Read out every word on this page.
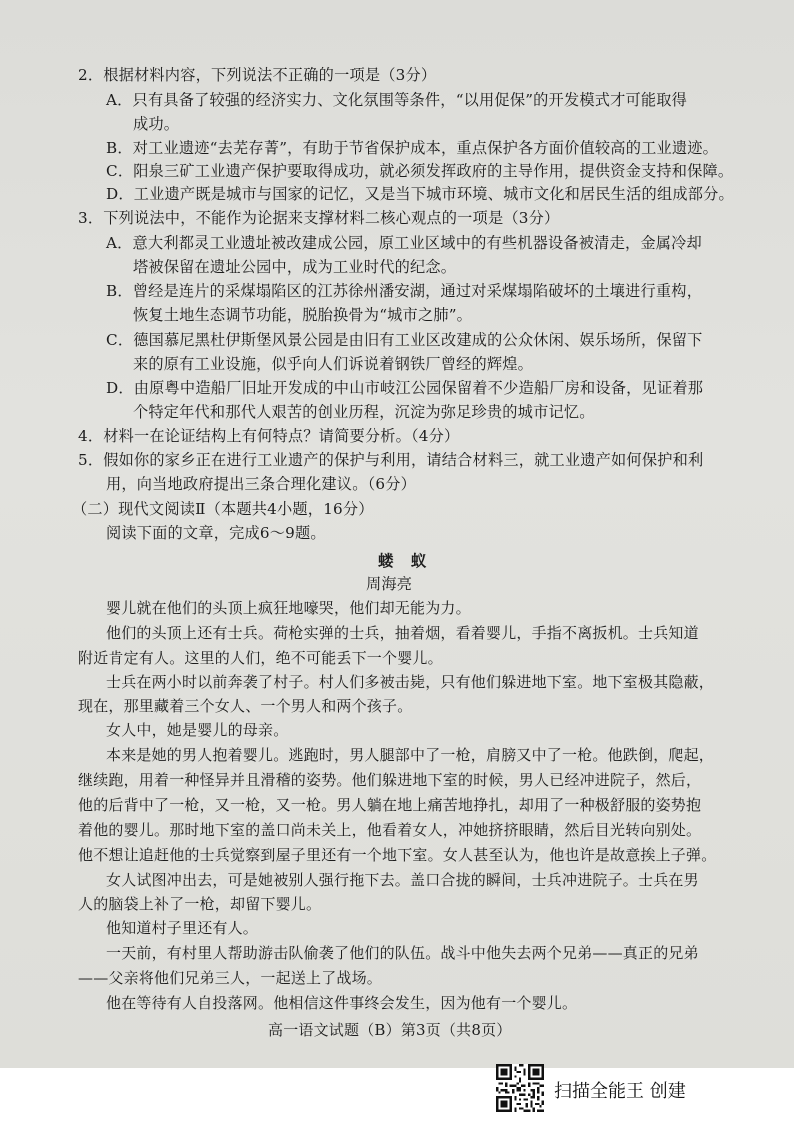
2．根据材料内容，下列说法不正确的一项是（3分）
A．只有具备了较强的经济实力、文化氛围等条件，“以用促保”的开发模式才可能取得
成功。
B．对工业遗迹“去芜存菁”，有助于节省保护成本，重点保护各方面价值较高的工业遗迹。
C．阳泉三矿工业遗产保护要取得成功，就必须发挥政府的主导作用，提供资金支持和保障。
D．工业遗产既是城市与国家的记忆，又是当下城市环境、城市文化和居民生活的组成部分。
3．下列说法中，不能作为论据来支撑材料二核心观点的一项是（3分）
A．意大利都灵工业遗址被改建成公园，原工业区域中的有些机器设备被清走，金属冷却
塔被保留在遗址公园中，成为工业时代的纪念。
B．曾经是连片的采煤塌陷区的江苏徐州潘安湖，通过对采煤塌陷破坏的土壤进行重构，
恢复土地生态调节功能，脱胎换骨为“城市之肺”。
C．德国慕尼黑杜伊斯堡风景公园是由旧有工业区改建成的公众休闲、娱乐场所，保留下
来的原有工业设施，似乎向人们诉说着钢铁厂曾经的辉煌。
D．由原粤中造船厂旧址开发成的中山市岐江公园保留着不少造船厂房和设备，见证着那
个特定年代和那代人艰苦的创业历程，沉淀为弥足珍贵的城市记忆。
4．材料一在论证结构上有何特点？请简要分析。（4分）
5．假如你的家乡正在进行工业遗产的保护与利用，请结合材料三，就工业遗产如何保护和利
用，向当地政府提出三条合理化建议。（6分）
（二）现代文阅读Ⅱ（本题共4小题，16分）
阅读下面的文章，完成6～9题。
蝼 蚁
周海亮
婴儿就在他们的头顶上疯狂地嚎哭，他们却无能为力。
他们的头顶上还有士兵。荷枪实弹的士兵，抽着烟，看着婴儿，手指不离扳机。士兵知道
附近肯定有人。这里的人们，绝不可能丢下一个婴儿。
士兵在两小时以前奔袭了村子。村人们多被击毙，只有他们躲进地下室。地下室极其隐蔽，
现在，那里藏着三个女人、一个男人和两个孩子。
女人中，她是婴儿的母亲。
本来是她的男人抱着婴儿。逃跑时，男人腿部中了一枪，肩膀又中了一枪。他跌倒，爬起，
继续跑，用着一种怪异并且滑稽的姿势。他们躲进地下室的时候，男人已经冲进院子，然后，
他的后背中了一枪，又一枪，又一枪。男人躺在地上痛苦地挣扎，却用了一种极舒服的姿势抱
着他的婴儿。那时地下室的盖口尚未关上，他看着女人，冲她挤挤眼睛，然后目光转向别处。
他不想让追赶他的士兵觉察到屋子里还有一个地下室。女人甚至认为，他也许是故意挨上子弹。
女人试图冲出去，可是她被别人强行拖下去。盖口合拢的瞬间，士兵冲进院子。士兵在男
人的脑袋上补了一枪，却留下婴儿。
他知道村子里还有人。
一天前，有村里人帮助游击队偷袭了他们的队伍。战斗中他失去两个兄弟——真正的兄弟
——父亲将他们兄弟三人，一起送上了战场。
他在等待有人自投落网。他相信这件事终会发生，因为他有一个婴儿。
高一语文试题（B）第3页（共8页）
扫描全能王 创建
